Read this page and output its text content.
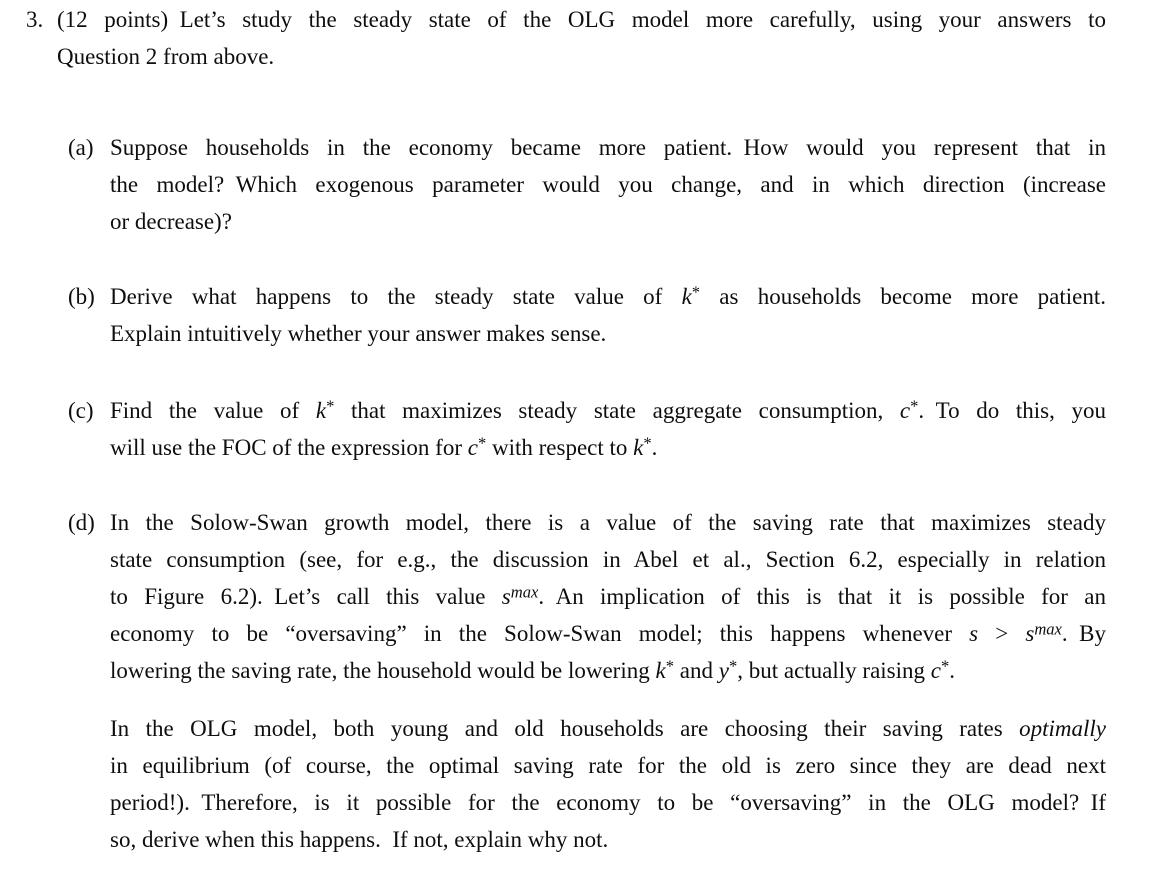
3. (12 points) Let’s study the steady state of the OLG model more carefully, using your answers to
Question 2 from above.
(a) Suppose households in the economy became more patient. How would you represent that in
the model? Which exogenous parameter would you change, and in which direction (increase
or decrease)?
(b) Derive what happens to the steady state value of k* as households become more patient.
Explain intuitively whether your answer makes sense.
(c) Find the value of k* that maximizes steady state aggregate consumption, c*. To do this, you
will use the FOC of the expression for c* with respect to k*.
(d) In the Solow-Swan growth model, there is a value of the saving rate that maximizes steady
state consumption (see, for e.g., the discussion in Abel et al., Section 6.2, especially in relation
to Figure 6.2). Let’s call this value $s^{max}$. An implication of this is that it is possible for an
economy to be “oversaving” in the Solow-Swan model; this happens whenever $s > s^{max}$. By
lowering the saving rate, the household would be lowering k* and y*, but actually raising c*.
In the OLG model, both young and old households are choosing their saving rates optimally
in equilibrium (of course, the optimal saving rate for the old is zero since they are dead next
period!). Therefore, is it possible for the economy to be “oversaving” in the OLG model? If
so, derive when this happens. If not, explain why not.
